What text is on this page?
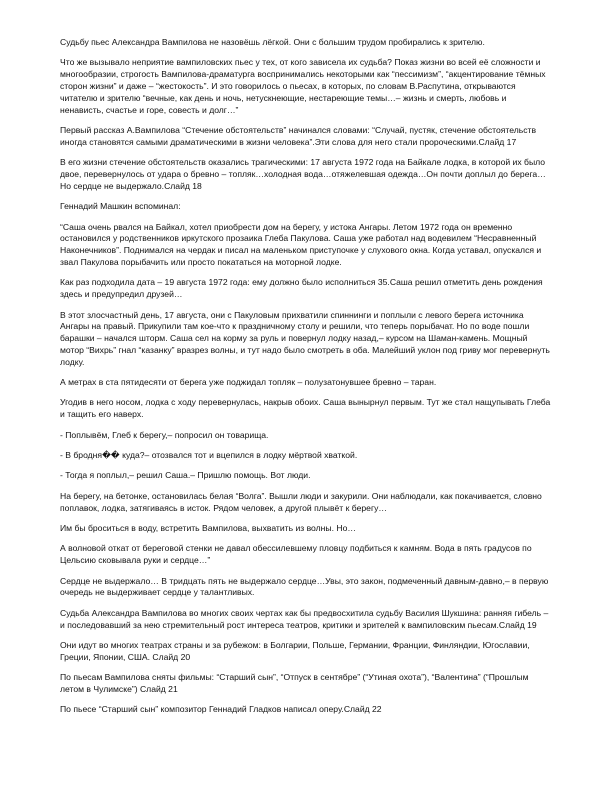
Судьбу пьес Александра Вампилова не назовёшь лёгкой. Они с большим трудом пробирались к зрителю.

Что же вызывало неприятие вампиловских пьес у тех, от кого зависела их судьба? Показ жизни во всей её сложности и многообразии, строгость Вампилова-драматурга воспринимались некоторыми как “пессимизм”, “акцентирование тёмных сторон жизни” и даже – “жестокость”. И это говорилось о пьесах, в которых, по словам В.Распутина, открываются читателю и зрителю “вечные, как день и ночь, нетускнеющие, нестареющие темы…– жизнь и смерть, любовь и ненависть, счастье и горе, совесть и долг…”

Первый рассказ А.Вампилова “Стечение обстоятельств” начинался словами: “Случай, пустяк, стечение обстоятельств иногда становятся самыми драматическими в жизни человека”.Эти слова для него стали пророческими.Слайд 17

В его жизни стечение обстоятельств оказались трагическими: 17 августа 1972 года на Байкале лодка, в которой их было двое, перевернулось от удара о бревно – топляк…холодная вода…отяжелевшая одежда…Он почти доплыл до берега…Но сердце не выдержало.Слайд 18

Геннадий Машкин вспоминал:

“Саша очень рвался на Байкал, хотел приобрести дом на берегу, у истока Ангары. Летом 1972 года он временно остановился у родственников иркутского прозаика Глеба Пакулова. Саша уже работал над водевилем “Несравненный Наконечников”. Поднимался на чердак и писал на маленьком приступочке у слухового окна. Когда уставал, опускался и звал Пакулова порыбачить или просто покататься на моторной лодке.

Как раз подходила дата – 19 августа 1972 года: ему должно было исполниться 35.Саша решил отметить день рождения здесь и предупредил друзей…

В этот злосчастный день, 17 августа, они с Пакуловым прихватили спиннинги и поплыли с левого берега источника Ангары на правый. Прикупили там кое-что к праздничному столу и решили, что теперь порыбачат. Но по воде пошли барашки – начался шторм. Саша сел на корму за руль и повернул лодку назад,– курсом на Шаман-камень. Мощный мотор “Вихрь” гнал “казанку” вразрез волны, и тут надо было смотреть в оба. Малейший уклон под гриву мог перевернуть лодку.

А метрах в ста пятидесяти от берега уже поджидал топляк – полузатонувшее бревно – таран.

Угодив в него носом, лодка с ходу перевернулась, накрыв обоих. Саша вынырнул первым. Тут же стал нащупывать Глеба и тащить его наверх.

- Поплывём, Глеб к берегу,– попросил он товарища.

- В бродня�� куда?– отозвался тот и вцепился в лодку мёртвой хваткой.

- Тогда я поплыл,– решил Саша.– Пришлю помощь. Вот люди.

На берегу, на бетонке, остановилась белая “Волга”. Вышли люди и закурили. Они наблюдали, как покачивается, словно поплавок, лодка, затягиваясь в исток. Рядом человек, а другой плывёт к берегу…

Им бы броситься в воду, встретить Вампилова, выхватить из волны. Но…

А волновой откат от береговой стенки не давал обессилевшему пловцу подбиться к камням. Вода в пять градусов по Цельсию сковывала руки и сердце…”

Сердце не выдержало… В тридцать пять не выдержало сердце…Увы, это закон, подмеченный давным-давно,– в первую очередь не выдерживает сердце у талантливых.

Судьба Александра Вампилова во многих своих чертах как бы предвосхитила судьбу Василия Шукшина: ранняя гибель – и последовавший за нею стремительный рост интереса театров, критики и зрителей к вампиловским пьесам.Слайд 19

Они идут во многих театрах страны и за рубежом: в Болгарии, Польше, Германии, Франции, Финляндии, Югославии, Греции, Японии, США. Слайд 20

По пьесам Вампилова сняты фильмы: “Старший сын”, “Отпуск в сентябре” (“Утиная охота”), “Валентина” (“Прошлым летом в Чулимске”) Слайд 21

По пьесе “Старший сын” композитор Геннадий Гладков написал оперу.Слайд 22
